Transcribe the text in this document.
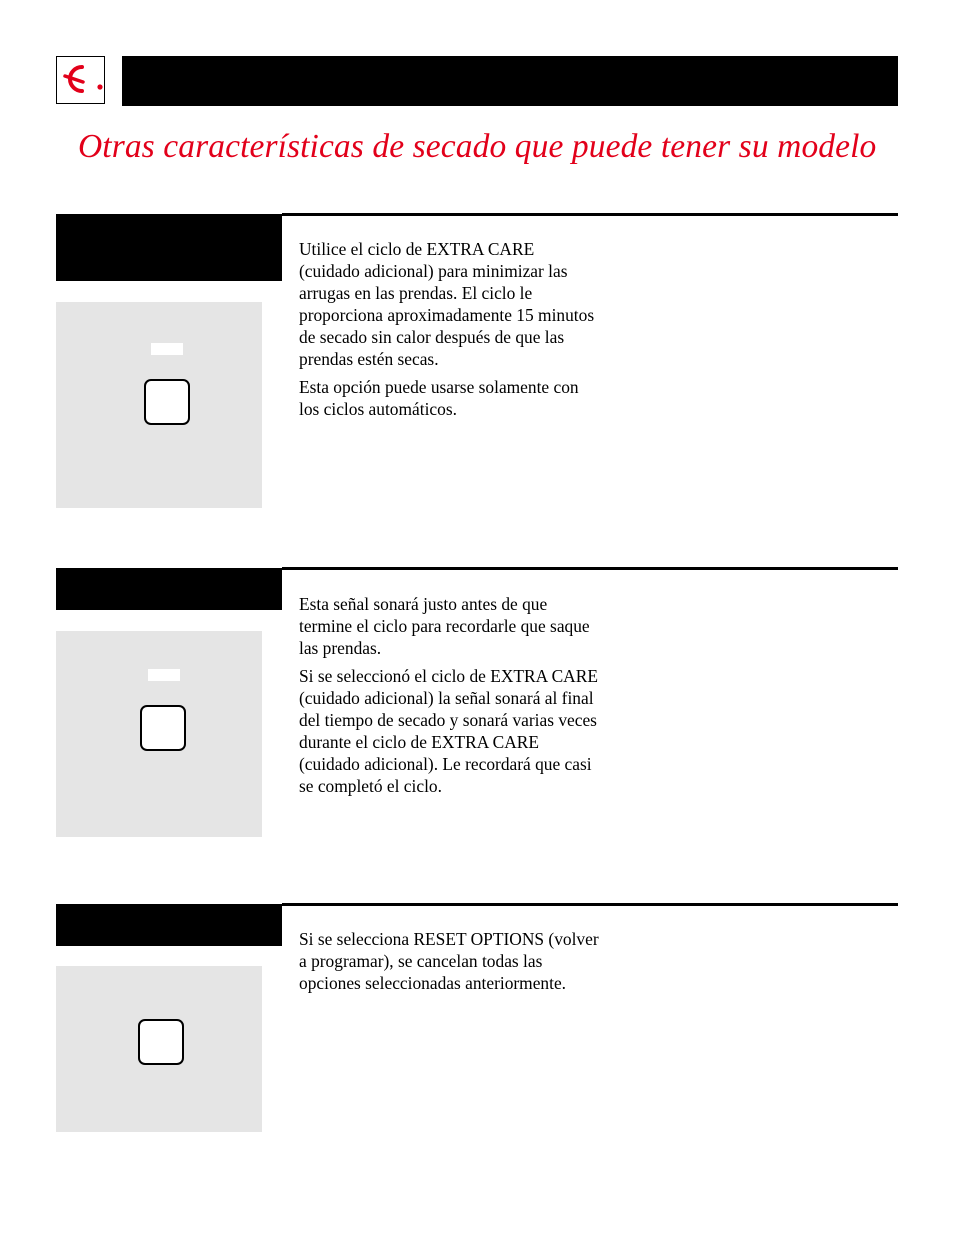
Otras características de secado que puede tener su modelo

Utilice el ciclo de EXTRA CARE (cuidado adicional) para minimizar las arrugas en las prendas. El ciclo le proporciona aproximadamente 15 minutos de secado sin calor después de que las prendas estén secas.

Esta opción puede usarse solamente con los ciclos automáticos.

Esta señal sonará justo antes de que termine el ciclo para recordarle que saque las prendas.

Si se seleccionó el ciclo de EXTRA CARE (cuidado adicional) la señal sonará al final del tiempo de secado y sonará varias veces durante el ciclo de EXTRA CARE (cuidado adicional). Le recordará que casi se completó el ciclo.

Si se selecciona RESET OPTIONS (volver a programar), se cancelan todas las opciones seleccionadas anteriormente.
